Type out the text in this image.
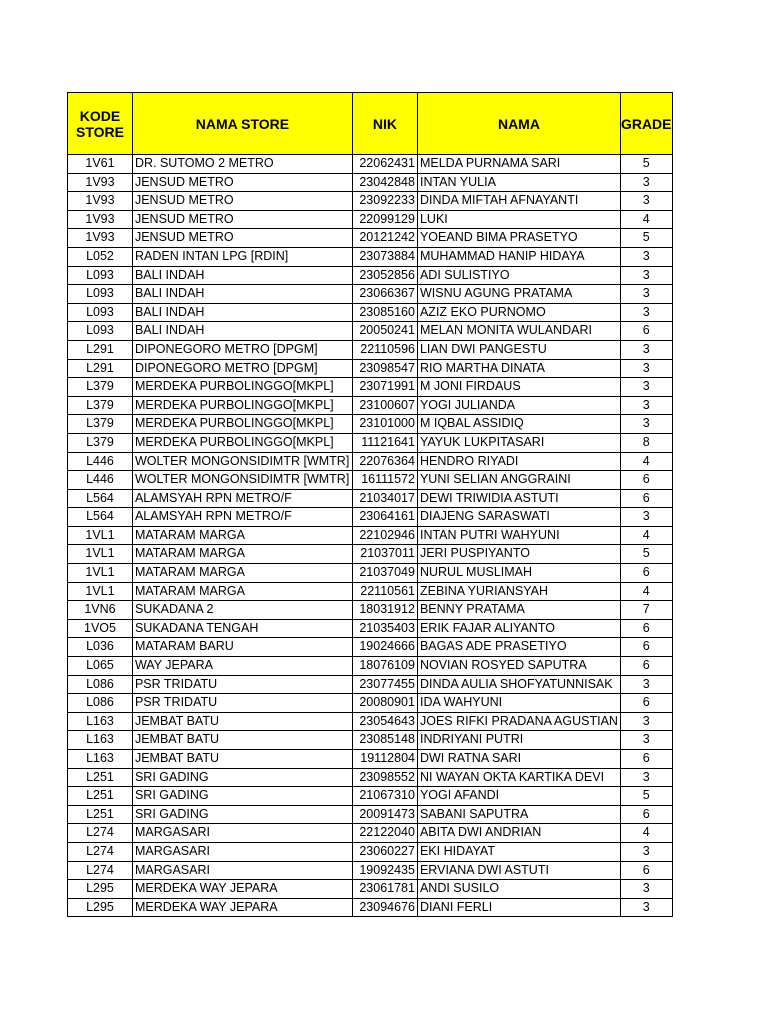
KODE STORE	NAMA STORE	NIK	NAMA	GRADE
1V61	DR. SUTOMO 2 METRO	22062431	MELDA PURNAMA SARI	5
1V93	JENSUD METRO	23042848	INTAN YULIA	3
1V93	JENSUD METRO	23092233	DINDA MIFTAH AFNAYANTI	3
1V93	JENSUD METRO	22099129	LUKI	4
1V93	JENSUD METRO	20121242	YOEAND BIMA PRASETYO	5
L052	RADEN INTAN LPG [RDIN]	23073884	MUHAMMAD HANIP HIDAYA	3
L093	BALI INDAH	23052856	ADI SULISTIYO	3
L093	BALI INDAH	23066367	WISNU AGUNG PRATAMA	3
L093	BALI INDAH	23085160	AZIZ EKO PURNOMO	3
L093	BALI INDAH	20050241	MELAN MONITA WULANDARI	6
L291	DIPONEGORO METRO [DPGM]	22110596	LIAN DWI PANGESTU	3
L291	DIPONEGORO METRO [DPGM]	23098547	RIO MARTHA DINATA	3
L379	MERDEKA PURBOLINGGO[MKPL]	23071991	M JONI FIRDAUS	3
L379	MERDEKA PURBOLINGGO[MKPL]	23100607	YOGI JULIANDA	3
L379	MERDEKA PURBOLINGGO[MKPL]	23101000	M IQBAL ASSIDIQ	3
L379	MERDEKA PURBOLINGGO[MKPL]	11121641	YAYUK LUKPITASARI	8
L446	WOLTER MONGONSIDIMTR [WMTR]	22076364	HENDRO RIYADI	4
L446	WOLTER MONGONSIDIMTR [WMTR]	16111572	YUNI SELIAN ANGGRAINI	6
L564	ALAMSYAH RPN METRO/F	21034017	DEWI TRIWIDIA ASTUTI	6
L564	ALAMSYAH RPN METRO/F	23064161	DIAJENG SARASWATI	3
1VL1	MATARAM MARGA	22102946	INTAN PUTRI WAHYUNI	4
1VL1	MATARAM MARGA	21037011	JERI PUSPIYANTO	5
1VL1	MATARAM MARGA	21037049	NURUL MUSLIMAH	6
1VL1	MATARAM MARGA	22110561	ZEBINA YURIANSYAH	4
1VN6	SUKADANA 2	18031912	BENNY PRATAMA	7
1VO5	SUKADANA TENGAH	21035403	ERIK FAJAR ALIYANTO	6
L036	MATARAM BARU	19024666	BAGAS ADE PRASETIYO	6
L065	WAY JEPARA	18076109	NOVIAN ROSYED SAPUTRA	6
L086	PSR TRIDATU	23077455	DINDA AULIA SHOFYATUNNISAK	3
L086	PSR TRIDATU	20080901	IDA WAHYUNI	6
L163	JEMBAT BATU	23054643	JOES RIFKI PRADANA AGUSTIAN	3
L163	JEMBAT BATU	23085148	INDRIYANI PUTRI	3
L163	JEMBAT BATU	19112804	DWI RATNA SARI	6
L251	SRI GADING	23098552	NI WAYAN OKTA KARTIKA DEVI	3
L251	SRI GADING	21067310	YOGI AFANDI	5
L251	SRI GADING	20091473	SABANI SAPUTRA	6
L274	MARGASARI	22122040	ABITA DWI ANDRIAN	4
L274	MARGASARI	23060227	EKI HIDAYAT	3
L274	MARGASARI	19092435	ERVIANA DWI ASTUTI	6
L295	MERDEKA WAY JEPARA	23061781	ANDI SUSILO	3
L295	MERDEKA WAY JEPARA	23094676	DIANI FERLI	3
